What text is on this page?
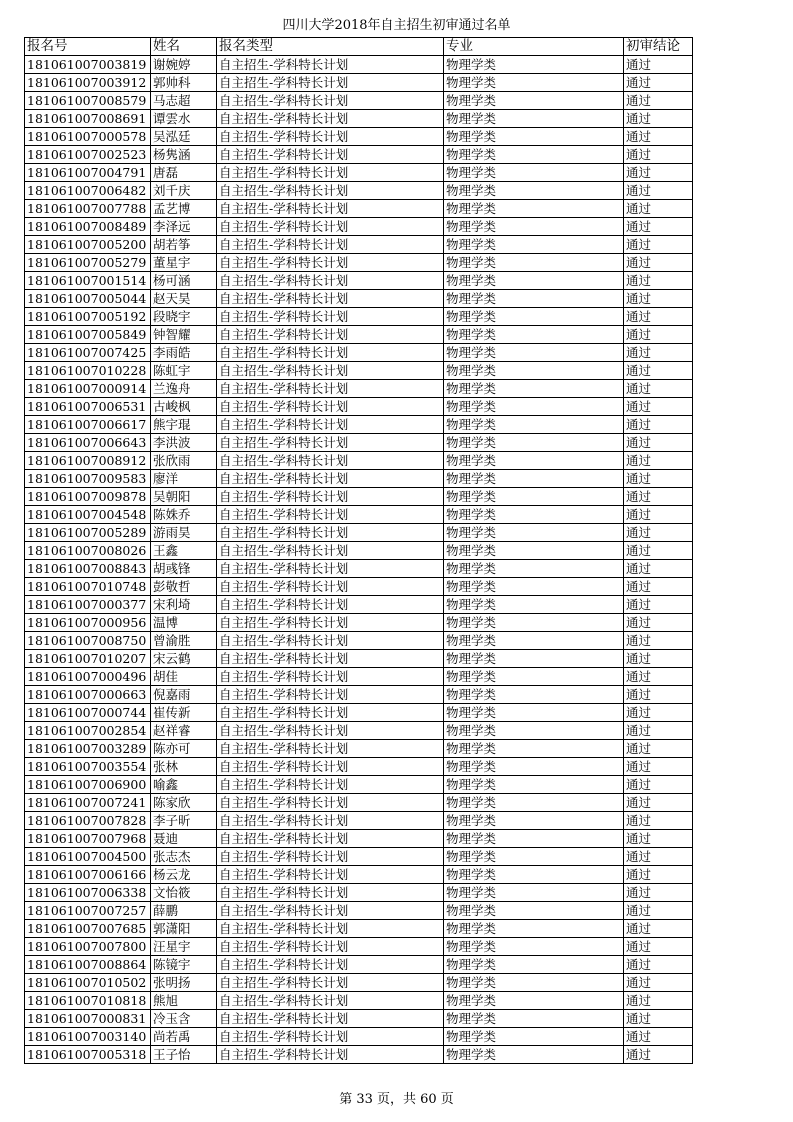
四川大学2018年自主招生初审通过名单
报名号	姓名	报名类型	专业	初审结论
181061007003819	谢婉婷	自主招生-学科特长计划	物理学类	通过
181061007003912	郭帅科	自主招生-学科特长计划	物理学类	通过
181061007008579	马志超	自主招生-学科特长计划	物理学类	通过
181061007008691	谭雲水	自主招生-学科特长计划	物理学类	通过
181061007000578	吴泓廷	自主招生-学科特长计划	物理学类	通过
181061007002523	杨隽涵	自主招生-学科特长计划	物理学类	通过
181061007004791	唐磊	自主招生-学科特长计划	物理学类	通过
181061007006482	刘千庆	自主招生-学科特长计划	物理学类	通过
181061007007788	孟艺博	自主招生-学科特长计划	物理学类	通过
181061007008489	李泽远	自主招生-学科特长计划	物理学类	通过
181061007005200	胡若筝	自主招生-学科特长计划	物理学类	通过
181061007005279	董星宇	自主招生-学科特长计划	物理学类	通过
181061007001514	杨可涵	自主招生-学科特长计划	物理学类	通过
181061007005044	赵天昊	自主招生-学科特长计划	物理学类	通过
181061007005192	段晓宇	自主招生-学科特长计划	物理学类	通过
181061007005849	钟智耀	自主招生-学科特长计划	物理学类	通过
181061007007425	李雨皓	自主招生-学科特长计划	物理学类	通过
181061007010228	陈虹宇	自主招生-学科特长计划	物理学类	通过
181061007000914	兰逸舟	自主招生-学科特长计划	物理学类	通过
181061007006531	古峻枫	自主招生-学科特长计划	物理学类	通过
181061007006617	熊宇琨	自主招生-学科特长计划	物理学类	通过
181061007006643	李洪波	自主招生-学科特长计划	物理学类	通过
181061007008912	张欣雨	自主招生-学科特长计划	物理学类	通过
181061007009583	廖洋	自主招生-学科特长计划	物理学类	通过
181061007009878	吴朝阳	自主招生-学科特长计划	物理学类	通过
181061007004548	陈姝乔	自主招生-学科特长计划	物理学类	通过
181061007005289	游雨昊	自主招生-学科特长计划	物理学类	通过
181061007008026	王鑫	自主招生-学科特长计划	物理学类	通过
181061007008843	胡彧锋	自主招生-学科特长计划	物理学类	通过
181061007010748	彭敬哲	自主招生-学科特长计划	物理学类	通过
181061007000377	宋利埼	自主招生-学科特长计划	物理学类	通过
181061007000956	温博	自主招生-学科特长计划	物理学类	通过
181061007008750	曾渝胜	自主招生-学科特长计划	物理学类	通过
181061007010207	宋云鹤	自主招生-学科特长计划	物理学类	通过
181061007000496	胡佳	自主招生-学科特长计划	物理学类	通过
181061007000663	倪嘉雨	自主招生-学科特长计划	物理学类	通过
181061007000744	崔传新	自主招生-学科特长计划	物理学类	通过
181061007002854	赵祥睿	自主招生-学科特长计划	物理学类	通过
181061007003289	陈亦可	自主招生-学科特长计划	物理学类	通过
181061007003554	张林	自主招生-学科特长计划	物理学类	通过
181061007006900	喻鑫	自主招生-学科特长计划	物理学类	通过
181061007007241	陈家欣	自主招生-学科特长计划	物理学类	通过
181061007007828	李子昕	自主招生-学科特长计划	物理学类	通过
181061007007968	聂迪	自主招生-学科特长计划	物理学类	通过
181061007004500	张志杰	自主招生-学科特长计划	物理学类	通过
181061007006166	杨云龙	自主招生-学科特长计划	物理学类	通过
181061007006338	文怡筱	自主招生-学科特长计划	物理学类	通过
181061007007257	薛鹏	自主招生-学科特长计划	物理学类	通过
181061007007685	郭潇阳	自主招生-学科特长计划	物理学类	通过
181061007007800	汪星宇	自主招生-学科特长计划	物理学类	通过
181061007008864	陈镜宇	自主招生-学科特长计划	物理学类	通过
181061007010502	张明扬	自主招生-学科特长计划	物理学类	通过
181061007010818	熊旭	自主招生-学科特长计划	物理学类	通过
181061007000831	冷玉含	自主招生-学科特长计划	物理学类	通过
181061007003140	尚若禹	自主招生-学科特长计划	物理学类	通过
181061007005318	王子怡	自主招生-学科特长计划	物理学类	通过
第 33 页，共 60 页
